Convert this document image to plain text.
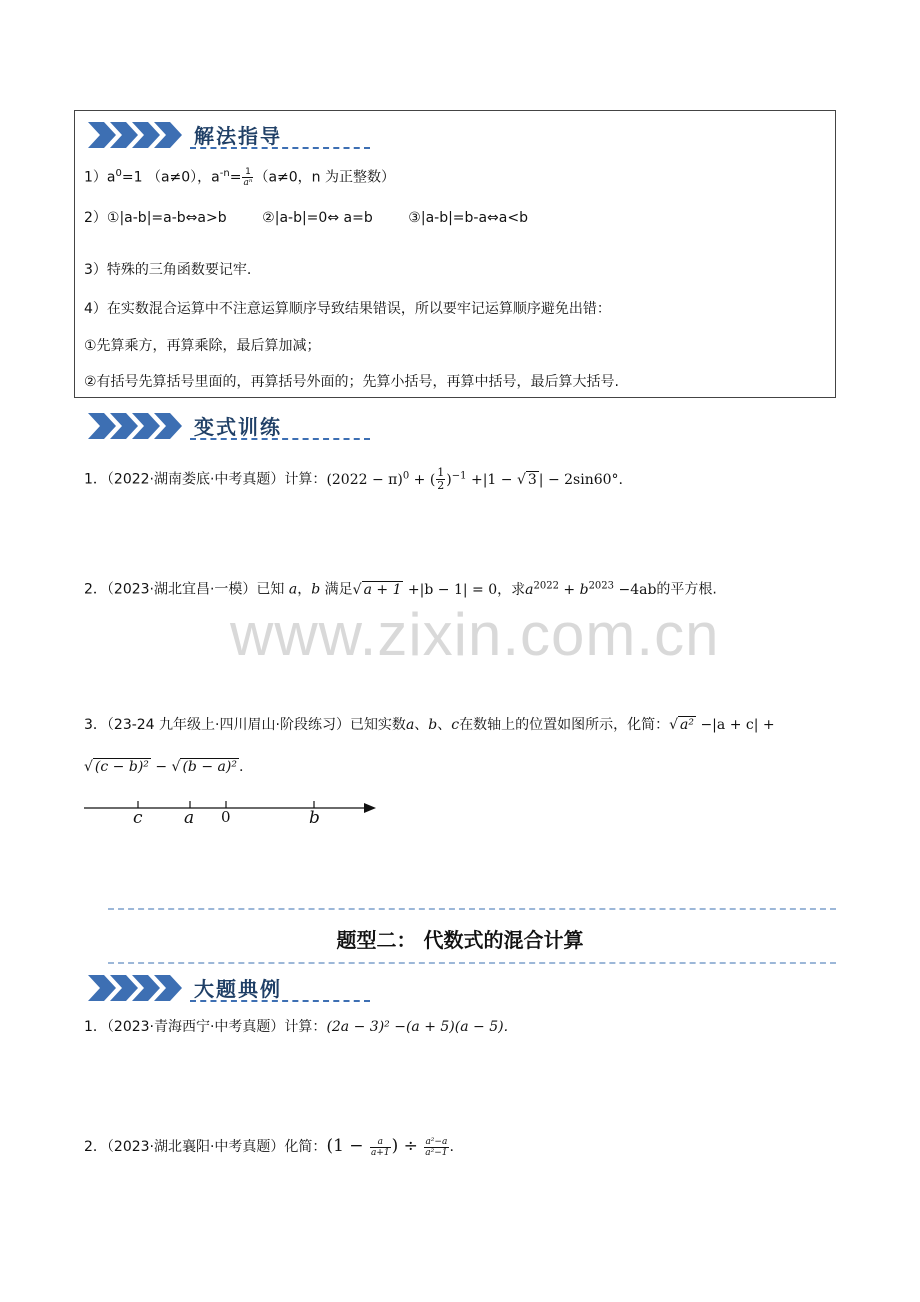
解法指导
$1)a^0=1$ （a≠0），$a^{-n}= \frac{1}{\text{aⁿ}} (a\ne 0$，n 为正整数）
2）①|a-b|=a-b⇔a>b        ②|a-b|=0⇔ a=b        ③|a-b|=b-a⇔a<b
3）特殊的三角函数要记牢.
4）在实数混合运算中不注意运算顺序导致结果错误，所以要牢记运算顺序避免出错：
①先算乘方，再算乘除，最后算加减；
②有括号先算括号里面的，再算括号外面的；先算小括号，再算中括号，最后算大括号.
变式训练
1．（2022·湖南娄底·中考真题）计算：$(2022 - \pi)^0$ + ( $\frac{1}{2} )^{-1} +|1$ − √ 3 | − 2sin60°.
2．（2023·湖北宜昌·一模）已知 a，b 满足√ a + 1 +|b − 1| = 0，求$a^{2022} + b^{2023} -4ab$的平方根.
www.zixin.com.cn
3．（23-24 九年级上·四川眉山·阶段练习）已知实数a、b、c在数轴上的位置如图所示，化简：√ a² −|a + c| +
√ (c − b)² − √ (b − a)² .
c a 0	b
题型二： 代数式的混合计算
大题典例
1．（2023·青海西宁·中考真题）计算：(2a − 3)² −(a + 5)(a − 5).
2．（2023·湖北襄阳·中考真题）化简：($1 - \frac{a}{a+1}$ ) ÷ $\frac{\text{a²−a}}{\text{a²−1}}$ .
